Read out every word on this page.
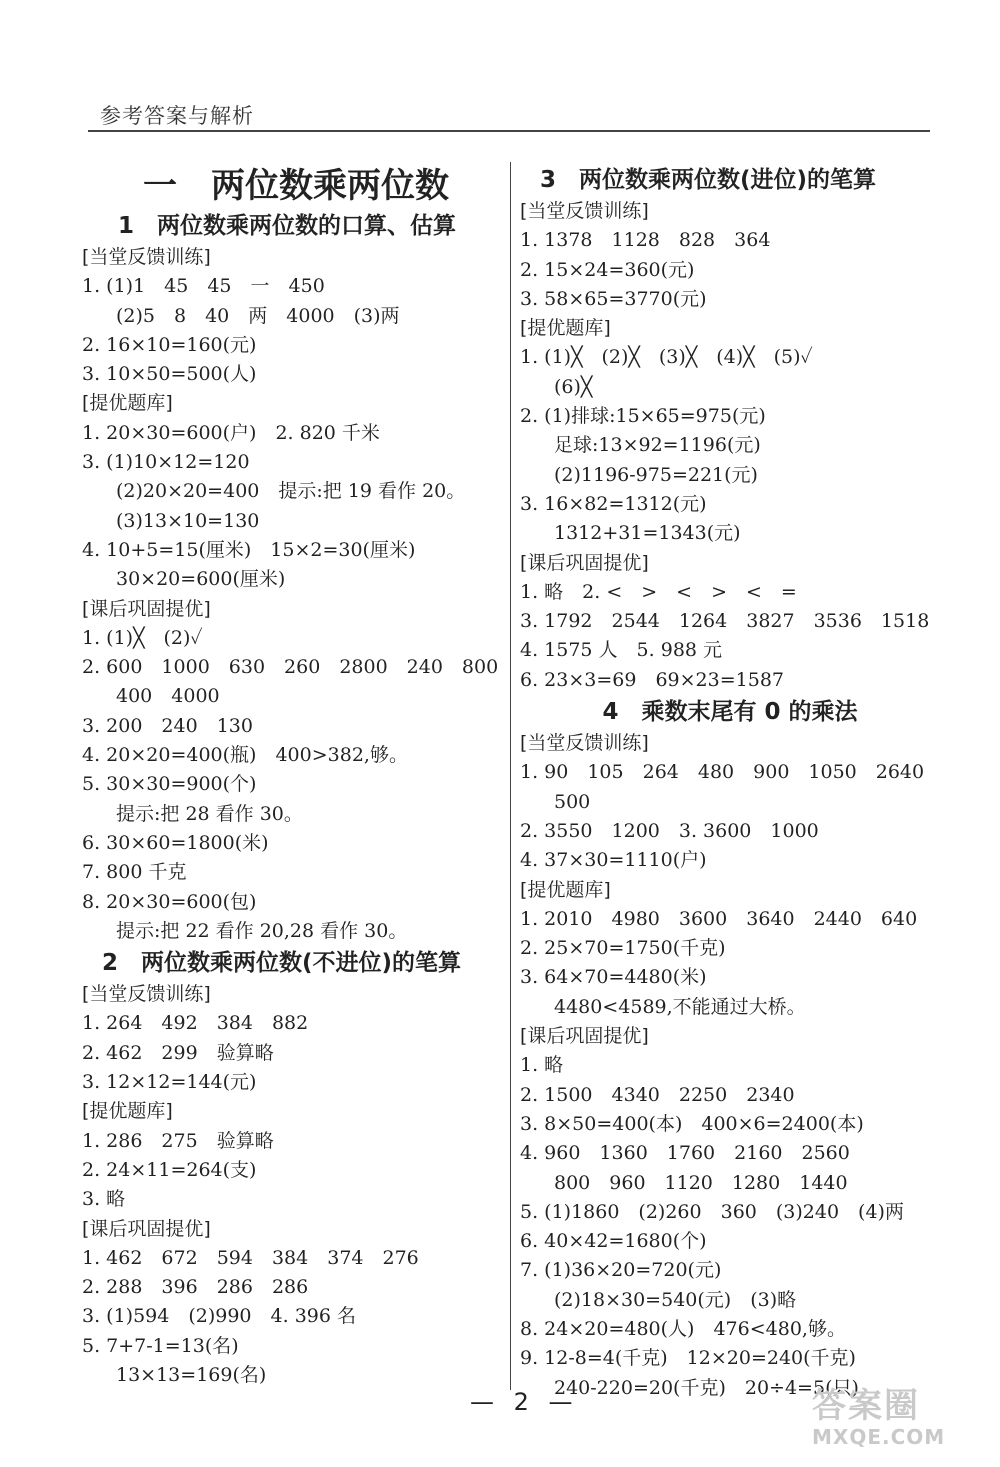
参考答案与解析
一　两位数乘两位数
1　两位数乘两位数的口算、估算
[当堂反馈训练]
1. (1)1　45　45　一　450
(2)5　8　40　两　4000　(3)两
2. 16×10=160(元)
3. 10×50=500(人)
[提优题库]
1. 20×30=600(户)　2. 820 千米
3. (1)10×12=120
(2)20×20=400　提示:把 19 看作 20。
(3)13×10=130
4. 10+5=15(厘米)　15×2=30(厘米)
30×20=600(厘米)
[课后巩固提优]
1. (1)╳　(2)✓
2. 600　1000　630　260　2800　240　800
400　4000
3. 200　240　130
4. 20×20=400(瓶)　400>382,够。
5. 30×30=900(个)
提示:把 28 看作 30。
6. 30×60=1800(米)
7. 800 千克
8. 20×30=600(包)
提示:把 22 看作 20,28 看作 30。
2　两位数乘两位数(不进位)的笔算
[当堂反馈训练]
1. 264　492　384　882
2. 462　299　验算略
3. 12×12=144(元)
[提优题库]
1. 286　275　验算略
2. 24×11=264(支)
3. 略
[课后巩固提优]
1. 462　672　594　384　374　276
2. 288　396　286　286
3. (1)594　(2)990　4. 396 名
5. 7+7-1=13(名)
13×13=169(名)
3　两位数乘两位数(进位)的笔算
[当堂反馈训练]
1. 1378　1128　828　364
2. 15×24=360(元)
3. 58×65=3770(元)
[提优题库]
1. (1)╳　(2)╳　(3)╳　(4)╳　(5)✓
(6)╳
2. (1)排球:15×65=975(元)
足球:13×92=1196(元)
(2)1196-975=221(元)
3. 16×82=1312(元)
1312+31=1343(元)
[课后巩固提优]
1. 略　2. <　>　<　>　<　=
3. 1792　2544　1264　3827　3536　1518
4. 1575 人　5. 988 元
6. 23×3=69　69×23=1587
4　乘数末尾有 0 的乘法
[当堂反馈训练]
1. 90　105　264　480　900　1050　2640
500
2. 3550　1200　3. 3600　1000
4. 37×30=1110(户)
[提优题库]
1. 2010　4980　3600　3640　2440　640
2. 25×70=1750(千克)
3. 64×70=4480(米)
4480<4589,不能通过大桥。
[课后巩固提优]
1. 略
2. 1500　4340　2250　2340
3. 8×50=400(本)　400×6=2400(本)
4. 960　1360　1760　2160　2560
800　960　1120　1280　1440
5. (1)1860　(2)260　360　(3)240　(4)两
6. 40×42=1680(个)
7. (1)36×20=720(元)
(2)18×30=540(元)　(3)略
8. 24×20=480(人)　476<480,够。
9. 12-8=4(千克)　12×20=240(千克)
240-220=20(千克)　20÷4=5(只)
— 2 —	答案圈
MXQE.COM
